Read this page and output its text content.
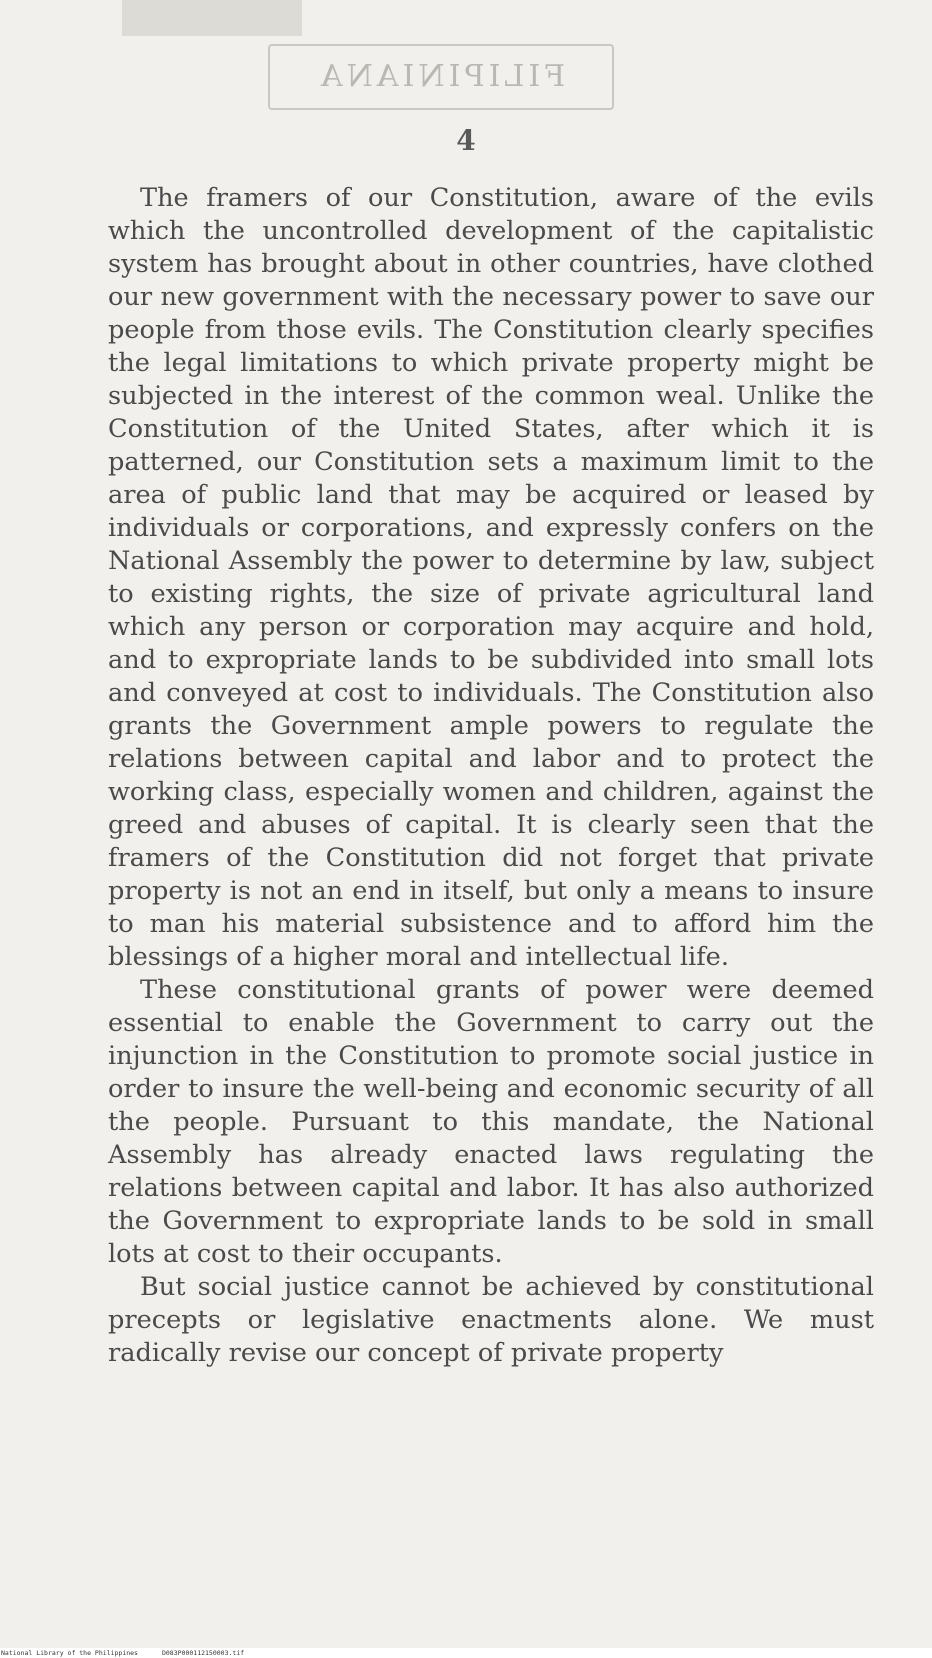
FILIPINIANA
4

The framers of our Constitution, aware of the evils which the uncontrolled development of the capitalistic system has brought about in other countries, have clothed our new government with the necessary power to save our people from those evils. The Constitution clearly specifies the legal limitations to which private property might be subjected in the interest of the common weal. Unlike the Constitution of the United States, after which it is patterned, our Constitution sets a maximum limit to the area of public land that may be acquired or leased by individuals or corporations, and expressly confers on the National Assembly the power to determine by law, subject to existing rights, the size of private agricultural land which any person or corporation may acquire and hold, and to expropriate lands to be subdivided into small lots and conveyed at cost to individuals. The Constitution also grants the Government ample powers to regulate the relations between capital and labor and to protect the working class, especially women and children, against the greed and abuses of capital. It is clearly seen that the framers of the Constitution did not forget that private property is not an end in itself, but only a means to insure to man his material subsistence and to afford him the blessings of a higher moral and intellectual life.

These constitutional grants of power were deemed essential to enable the Government to carry out the injunction in the Constitution to promote social justice in order to insure the well-being and economic security of all the people. Pursuant to this mandate, the National Assembly has already enacted laws regulating the relations between capital and labor. It has also authorized the Government to expropriate lands to be sold in small lots at cost to their occupants.

But social justice cannot be achieved by constitutional precepts or legislative enactments alone. We must radically revise our concept of private property

National Library of the Philippines	D083P000112150003.tif
